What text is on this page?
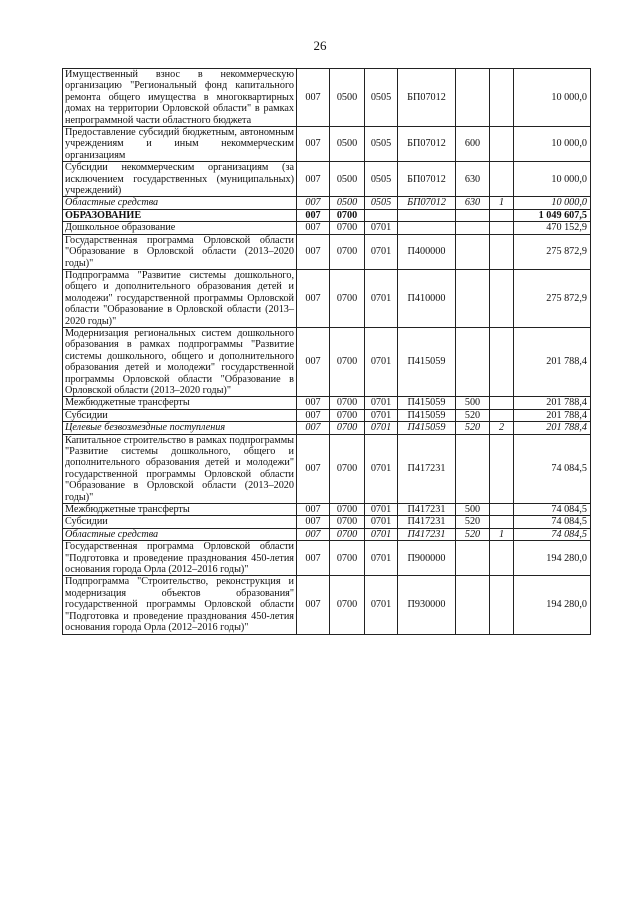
26
Имущественный взнос в некоммерческую организацию "Региональный фонд капитального ремонта общего имущества в многоквартирных домах на территории Орловской области" в рамках непрограммной части областного бюджета	007	0500	0505	БП07012			10 000,0
Предоставление субсидий бюджетным, автономным учреждениям и иным некоммерческим организациям	007	0500	0505	БП07012	600		10 000,0
Субсидии некоммерческим организациям (за исключением государственных (муниципальных) учреждений)	007	0500	0505	БП07012	630		10 000,0
Областные средства	007	0500	0505	БП07012	630	1	10 000,0
ОБРАЗОВАНИЕ	007	0700					1 049 607,5
Дошкольное образование	007	0700	0701				470 152,9
Государственная программа Орловской области "Образование в Орловской области (2013–2020 годы)"	007	0700	0701	П400000			275 872,9
Подпрограмма "Развитие системы дошкольного, общего и дополнительного образования детей и молодежи" государственной программы Орловской области "Образование в Орловской области (2013–2020 годы)"	007	0700	0701	П410000			275 872,9
Модернизация региональных систем дошкольного образования в рамках подпрограммы "Развитие системы дошкольного, общего и дополнительного образования детей и молодежи" государственной программы Орловской области "Образование в Орловской области (2013–2020 годы)"	007	0700	0701	П415059			201 788,4
Межбюджетные трансферты	007	0700	0701	П415059	500		201 788,4
Субсидии	007	0700	0701	П415059	520		201 788,4
Целевые безвозмездные поступления	007	0700	0701	П415059	520	2	201 788,4
Капитальное строительство в рамках подпрограммы "Развитие системы дошкольного, общего и дополнительного образования детей и молодежи" государственной программы Орловской области "Образование в Орловской области (2013–2020 годы)"	007	0700	0701	П417231			74 084,5
Межбюджетные трансферты	007	0700	0701	П417231	500		74 084,5
Субсидии	007	0700	0701	П417231	520		74 084,5
Областные средства	007	0700	0701	П417231	520	1	74 084,5
Государственная программа Орловской области "Подготовка и проведение празднования 450-летия основания города Орла (2012–2016 годы)"	007	0700	0701	П900000			194 280,0
Подпрограмма "Строительство, реконструкция и модернизация объектов образования" государственной программы Орловской области "Подготовка и проведение празднования 450-летия основания города Орла (2012–2016 годы)"	007	0700	0701	П930000			194 280,0
